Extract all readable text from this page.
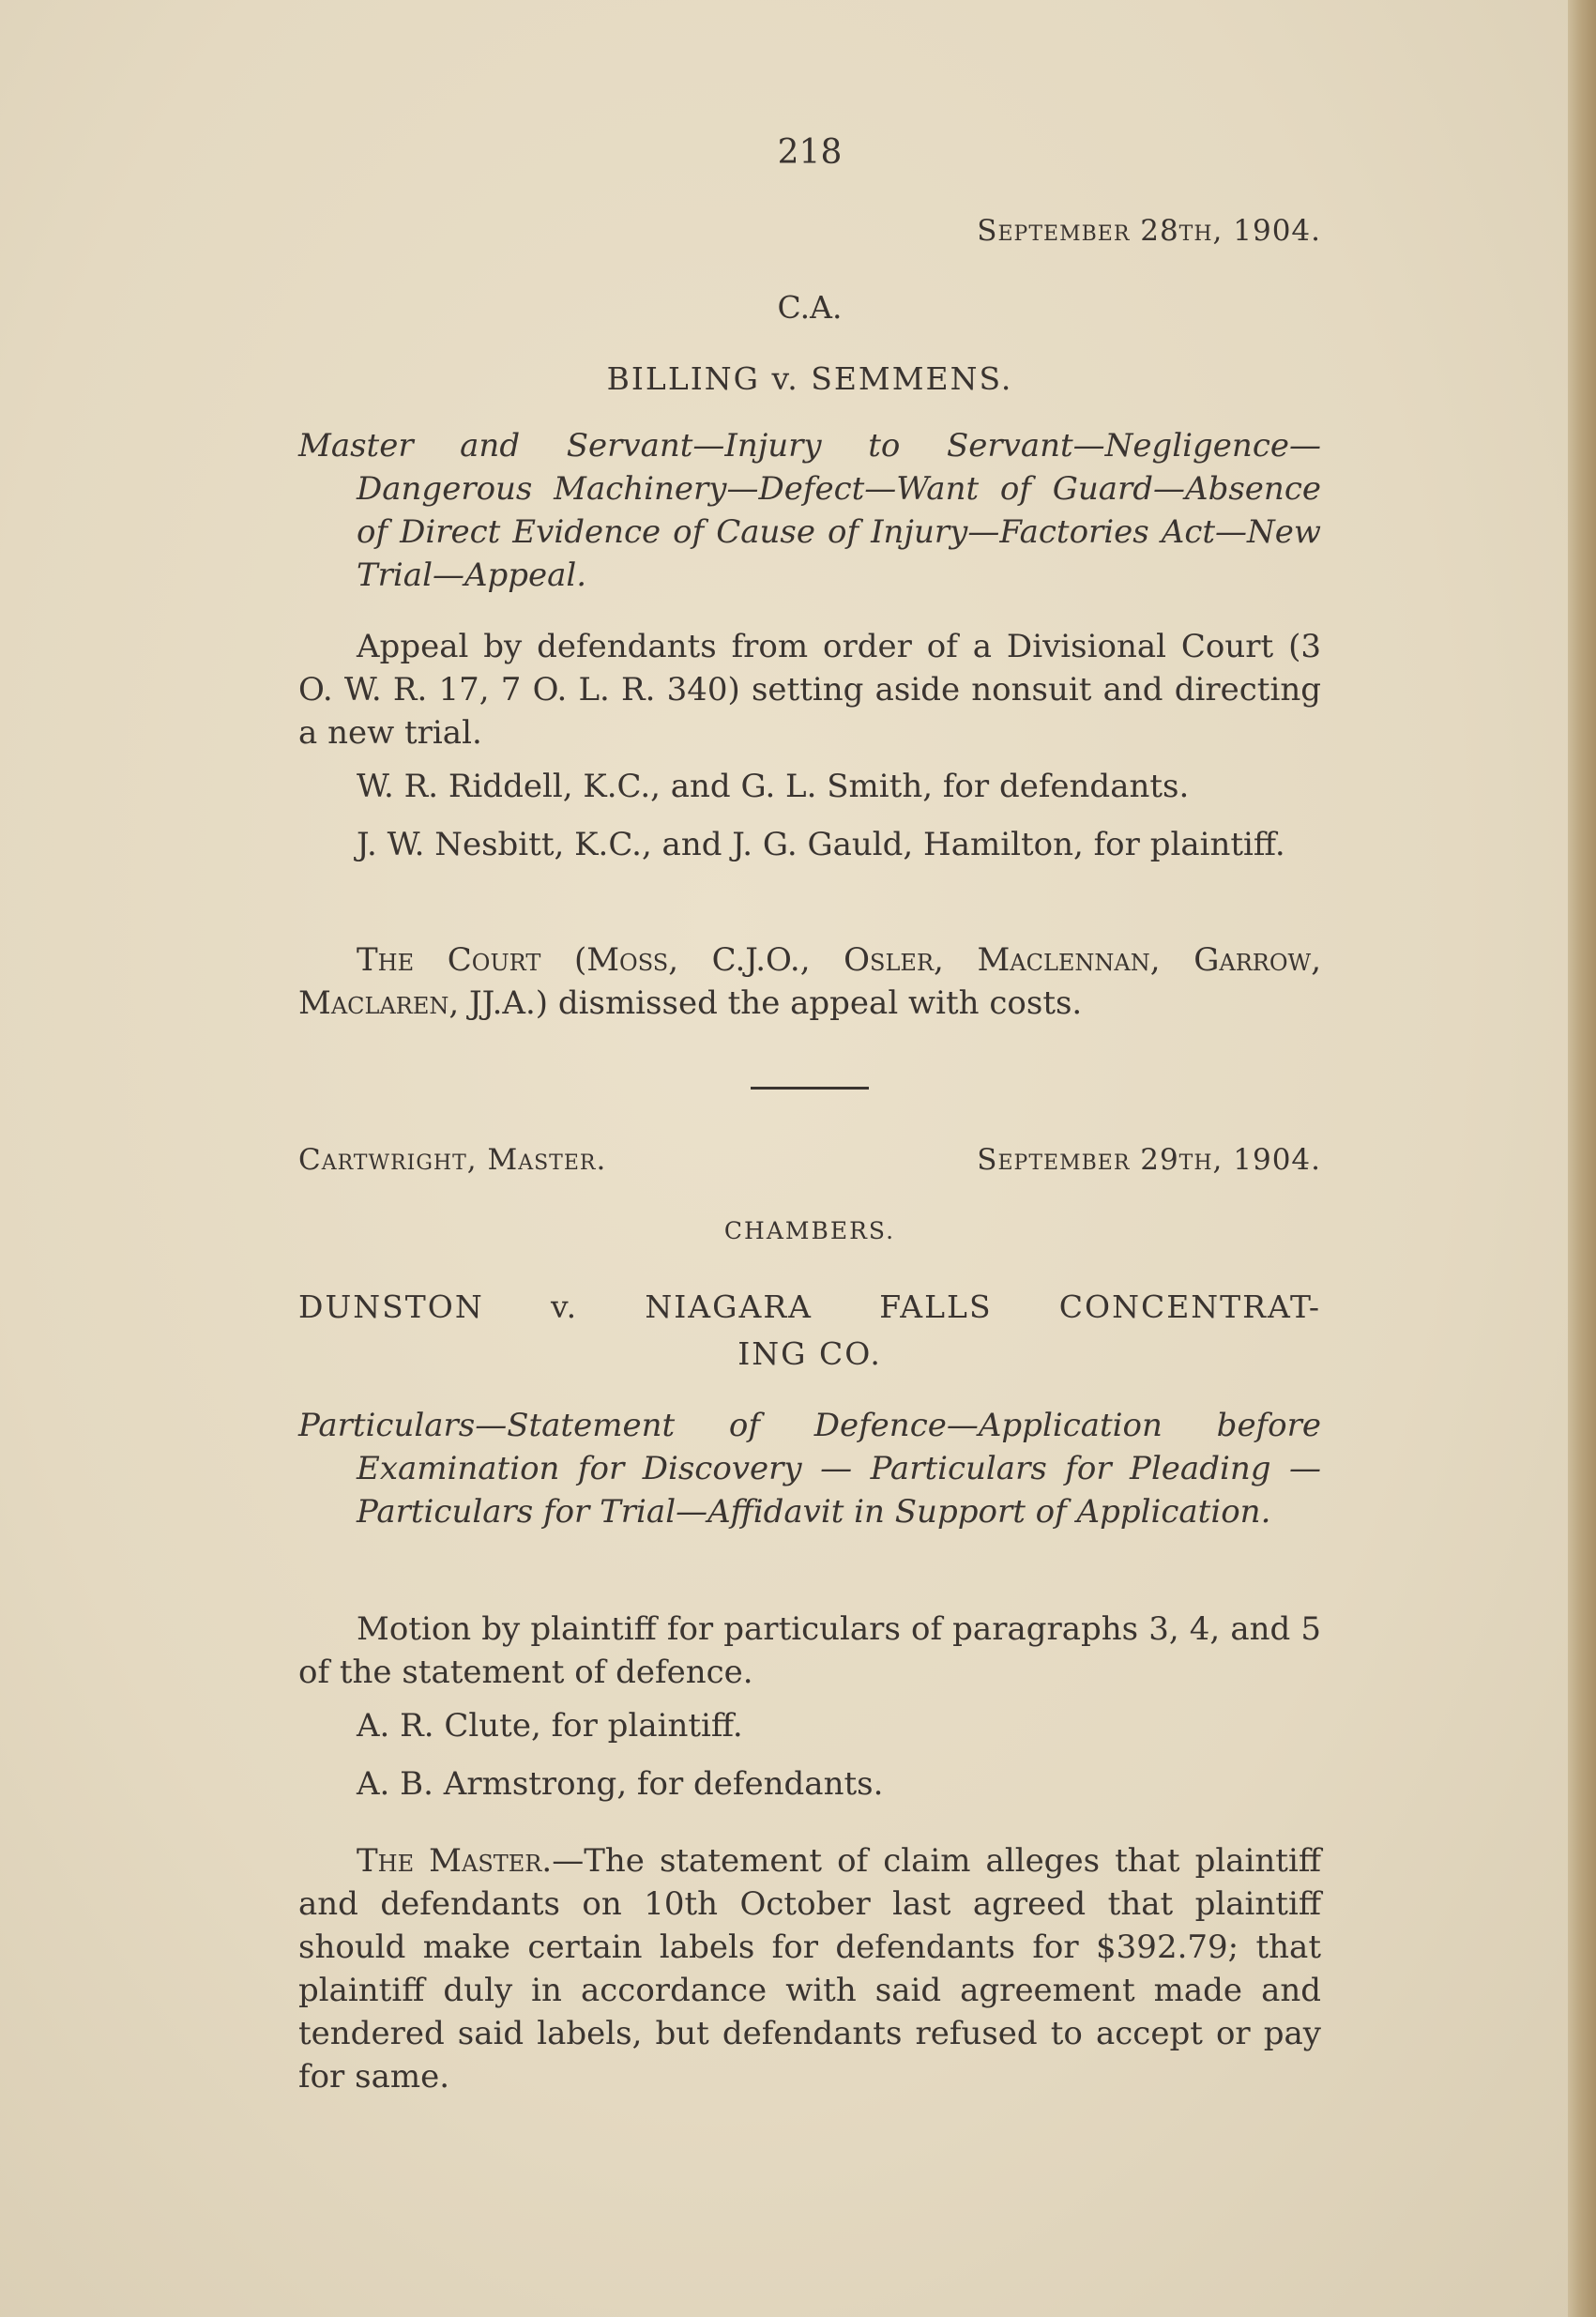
218
September 28th, 1904.
C.A.
BILLING v. SEMMENS.
Master and Servant—Injury to Servant—Negligence—Dangerous Machinery—Defect—Want of Guard—Absence of Direct Evidence of Cause of Injury—Factories Act—New Trial—Appeal.
Appeal by defendants from order of a Divisional Court (3 O. W. R. 17, 7 O. L. R. 340) setting aside nonsuit and directing a new trial.
W. R. Riddell, K.C., and G. L. Smith, for defendants.
J. W. Nesbitt, K.C., and J. G. Gauld, Hamilton, for plaintiff.
The Court (Moss, C.J.O., Osler, Maclennan, Garrow, Maclaren, JJ.A.) dismissed the appeal with costs.
Cartwright, Master.	September 29th, 1904.
CHAMBERS.
DUNSTON v. NIAGARA FALLS CONCENTRAT-
ING CO.
Particulars—Statement of Defence—Application before Examination for Discovery — Particulars for Pleading — Particulars for Trial—Affidavit in Support of Application.
Motion by plaintiff for particulars of paragraphs 3, 4, and 5 of the statement of defence.
A. R. Clute, for plaintiff.
A. B. Armstrong, for defendants.
The Master.—The statement of claim alleges that plaintiff and defendants on 10th October last agreed that plaintiff should make certain labels for defendants for $392.79; that plaintiff duly in accordance with said agreement made and tendered said labels, but defendants refused to accept or pay for same.
